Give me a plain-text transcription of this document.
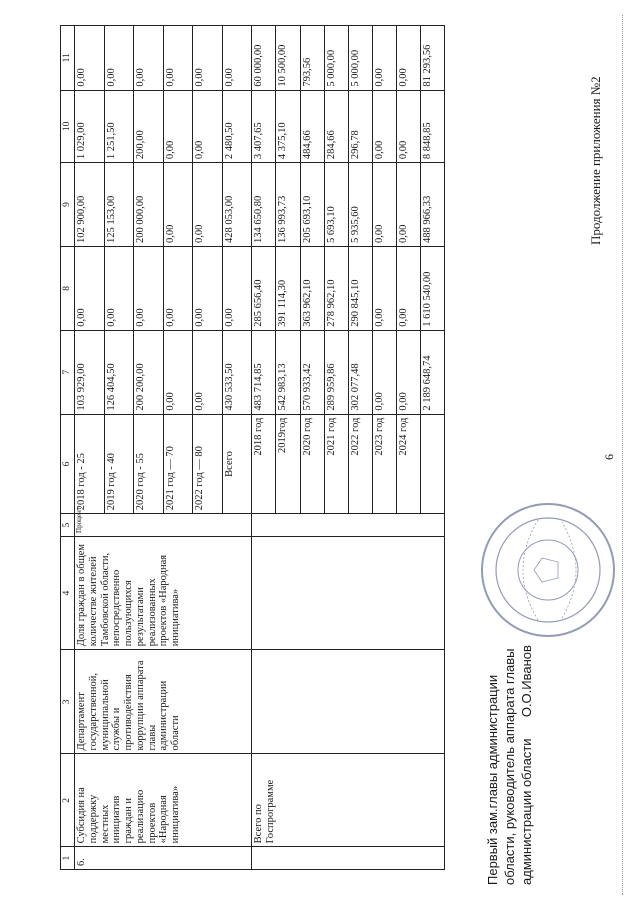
6
Продолжение приложения №2
1	2	3	4	5	6	7	8	9	10	11
6.	Субсидия на поддержку местных инициатив граждан и реализацию проектов «Народная инициатива»	Департамент государственной, муниципальной службы и противодействия коррупции аппарата главы администрации области	Доля граждан в общем количестве жителей Тамбовской области, непосредственно пользующихся результатами реализованных проектов «Народная инициатива»	Процент	2018 год - 25	103 929,00	0,00	102 900,00	1 029,00	0,00
					2019 год - 40	126 404,50	0,00	125 153,00	1 251,50	0,00
					2020 год - 55	200 200,00	0,00	200 000,00	200,00	0,00
					2021 год — 70	0,00	0,00	0,00	0,00	0,00
					2022 год — 80	0,00	0,00	0,00	0,00	0,00
					Всего	430 533,50	0,00	428 053,00	2 480,50	0,00
	Всего по Госпрограмме				2018 год	483 714,85	285 656,40	134 650,80	3 407,65	60 000,00
					2019год	542 983,13	391 114,30	136 993,73	4 375,10	10 500,00
					2020 год	570 933,42	363 962,10	205 693,10	484,66	793,56
					2021 год	289 959,86	278 962,10	5 693,10	284,66	5 000,00
					2022 год	302 077,48	290 845,10	5 935,60	296,78	5 000,00
					2023 год	0,00	0,00	0,00	0,00	0,00
					2024 год	0,00	0,00	0,00	0,00	0,00
						2 189 648,74	1 610 540,00	488 966,33	8 848,85	81 293,56
Первый зам.главы администрации области, руководитель аппарата главы администрации области  О.О.Иванов
